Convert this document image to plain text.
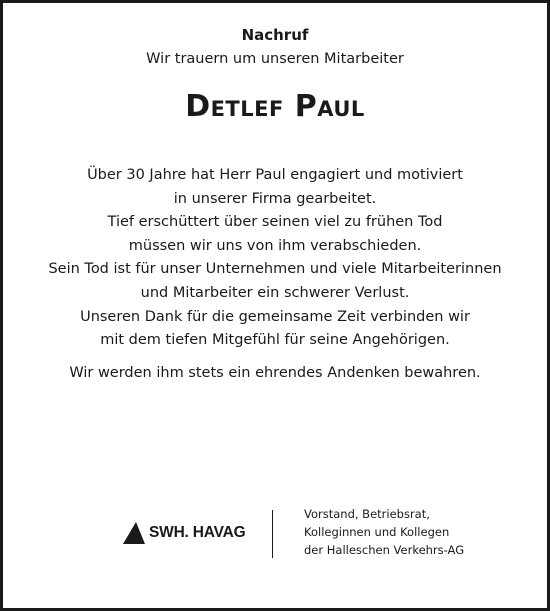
Nachruf
Wir trauern um unseren Mitarbeiter
Detlef Paul
Über 30 Jahre hat Herr Paul engagiert und motiviert
in unserer Firma gearbeitet.
Tief erschüttert über seinen viel zu frühen Tod
müssen wir uns von ihm verabschieden.
Sein Tod ist für unser Unternehmen und viele Mitarbeiterinnen
und Mitarbeiter ein schwerer Verlust.
Unseren Dank für die gemeinsame Zeit verbinden wir
mit dem tiefen Mitgefühl für seine Angehörigen.
Wir werden ihm stets ein ehrendes Andenken bewahren.
SWH. HAVAG
Vorstand, Betriebsrat,
Kolleginnen und Kollegen
der Halleschen Verkehrs-AG
